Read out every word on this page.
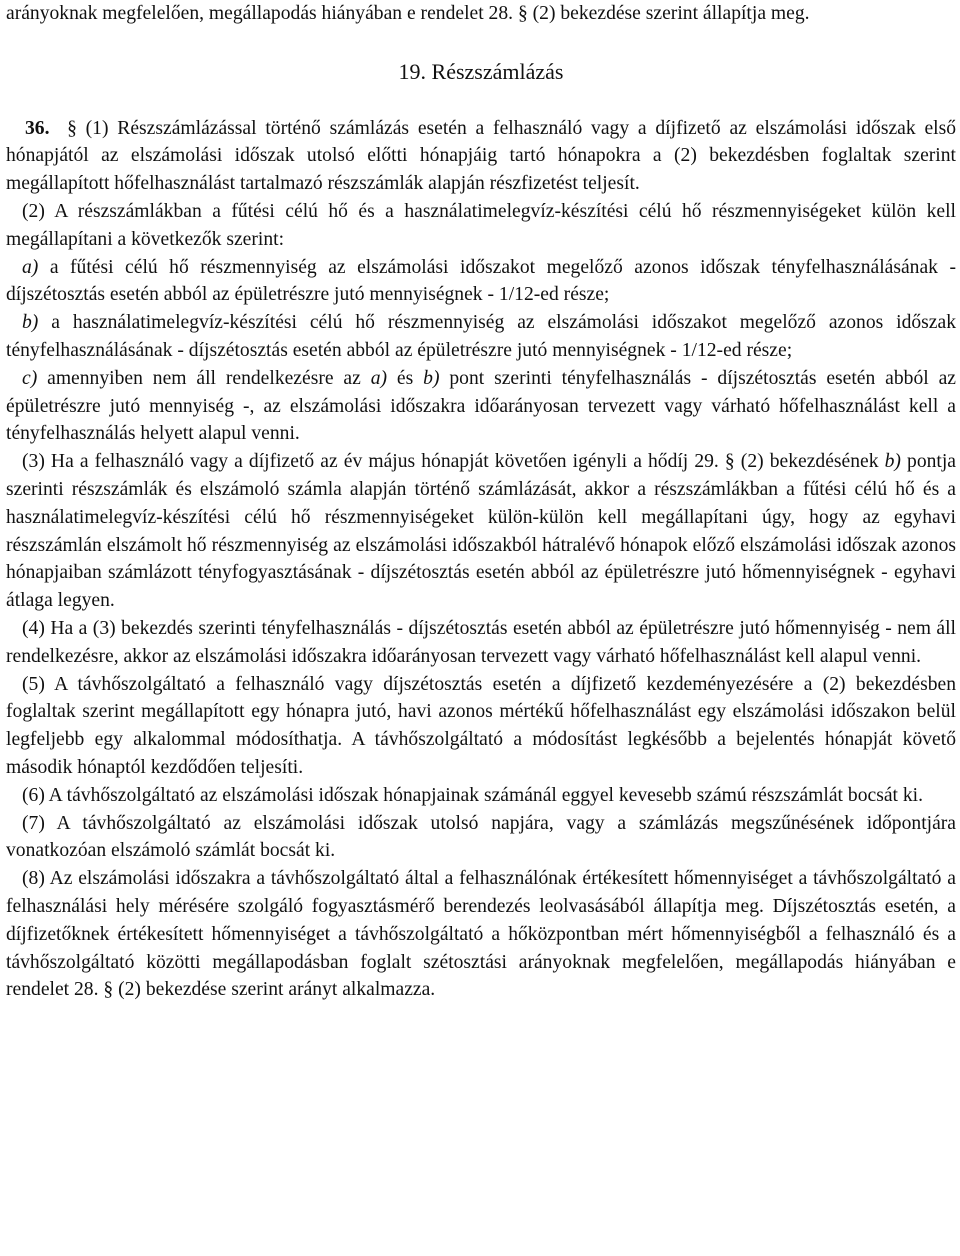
arányoknak megfelelően, megállapodás hiányában e rendelet 28. § (2) bekezdése szerint állapítja meg.

19. Részszámlázás

36. § (1) Részszámlázással történő számlázás esetén a felhasználó vagy a díjfizető az elszámolási időszak első hónapjától az elszámolási időszak utolsó előtti hónapjáig tartó hónapokra a (2) bekezdésben foglaltak szerint megállapított hőfelhasználást tartalmazó részszámlák alapján részfizetést teljesít.

(2) A részszámlákban a fűtési célú hő és a használatimelegvíz-készítési célú hő részmennyiségeket külön kell megállapítani a következők szerint:

a) a fűtési célú hő részmennyiség az elszámolási időszakot megelőző azonos időszak tényfelhasználásának - díjszétosztás esetén abból az épületrészre jutó mennyiségnek - 1/12-ed része;

b) a használatimelegvíz-készítési célú hő részmennyiség az elszámolási időszakot megelőző azonos időszak tényfelhasználásának - díjszétosztás esetén abból az épületrészre jutó mennyiségnek - 1/12-ed része;

c) amennyiben nem áll rendelkezésre az a) és b) pont szerinti tényfelhasználás - díjszétosztás esetén abból az épületrészre jutó mennyiség -, az elszámolási időszakra időarányosan tervezett vagy várható hőfelhasználást kell a tényfelhasználás helyett alapul venni.

(3) Ha a felhasználó vagy a díjfizető az év május hónapját követően igényli a hődíj 29. § (2) bekezdésének b) pontja szerinti részszámlák és elszámoló számla alapján történő számlázását, akkor a részszámlákban a fűtési célú hő és a használatimelegvíz-készítési célú hő részmennyiségeket külön-külön kell megállapítani úgy, hogy az egyhavi részszámlán elszámolt hő részmennyiség az elszámolási időszakból hátralévő hónapok előző elszámolási időszak azonos hónapjaiban számlázott tényfogyasztásának - díjszétosztás esetén abból az épületrészre jutó hőmennyiségnek - egyhavi átlaga legyen.

(4) Ha a (3) bekezdés szerinti tényfelhasználás - díjszétosztás esetén abból az épületrészre jutó hőmennyiség - nem áll rendelkezésre, akkor az elszámolási időszakra időarányosan tervezett vagy várható hőfelhasználást kell alapul venni.

(5) A távhőszolgáltató a felhasználó vagy díjszétosztás esetén a díjfizető kezdeményezésére a (2) bekezdésben foglaltak szerint megállapított egy hónapra jutó, havi azonos mértékű hőfelhasználást egy elszámolási időszakon belül legfeljebb egy alkalommal módosíthatja. A távhőszolgáltató a módosítást legkésőbb a bejelentés hónapját követő második hónaptól kezdődően teljesíti.

(6) A távhőszolgáltató az elszámolási időszak hónapjainak számánál eggyel kevesebb számú részszámlát bocsát ki.

(7) A távhőszolgáltató az elszámolási időszak utolsó napjára, vagy a számlázás megszűnésének időpontjára vonatkozóan elszámoló számlát bocsát ki.

(8) Az elszámolási időszakra a távhőszolgáltató által a felhasználónak értékesített hőmennyiséget a távhőszolgáltató a felhasználási hely mérésére szolgáló fogyasztásmérő berendezés leolvasásából állapítja meg. Díjszétosztás esetén, a díjfizetőknek értékesített hőmennyiséget a távhőszolgáltató a hőközpontban mért hőmennyiségből a felhasználó és a távhőszolgáltató közötti megállapodásban foglalt szétosztási arányoknak megfelelően, megállapodás hiányában e rendelet 28. § (2) bekezdése szerint arányt alkalmazza.
